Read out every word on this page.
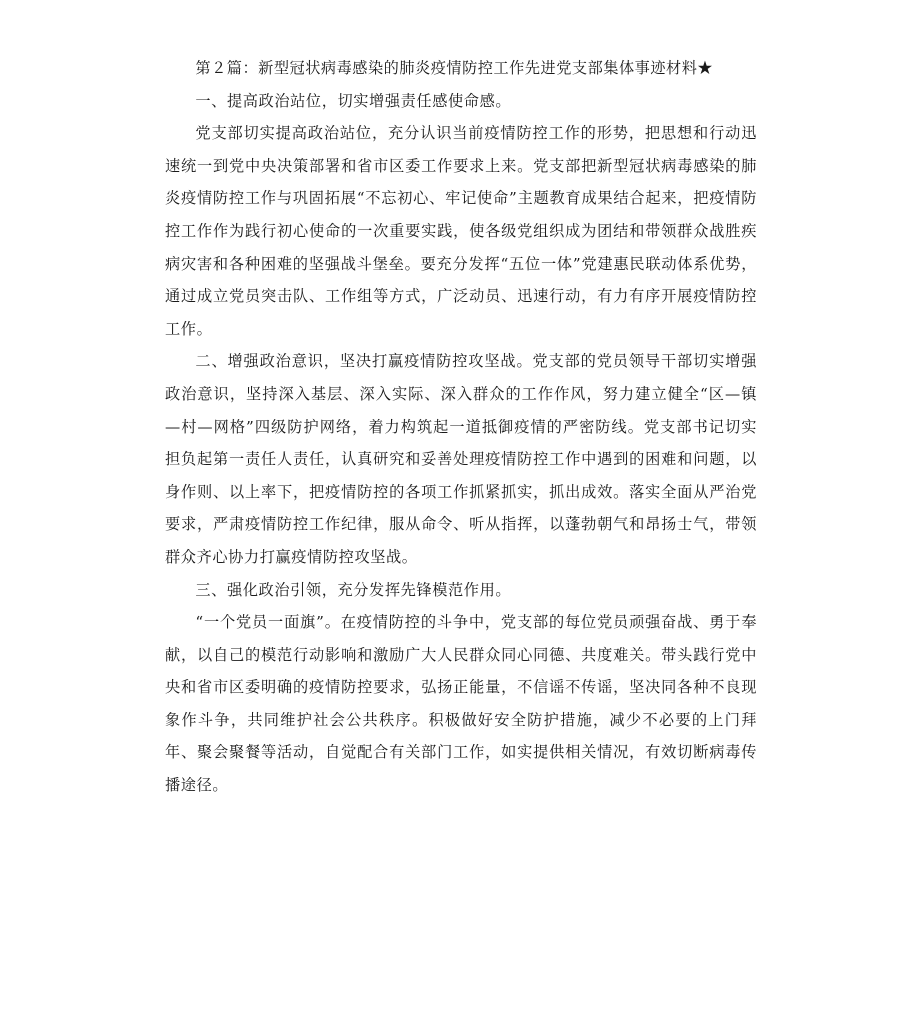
第２篇：新型冠状病毒感染的肺炎疫情防控工作先进党支部集体事迹材料★

一、提高政治站位，切实增强责任感使命感。

党支部切实提高政治站位，充分认识当前疫情防控工作的形势，把思想和行动迅速统一到党中央决策部署和省市区委工作要求上来。党支部把新型冠状病毒感染的肺炎疫情防控工作与巩固拓展“不忘初心、牢记使命”主题教育成果结合起来，把疫情防控工作作为践行初心使命的一次重要实践，使各级党组织成为团结和带领群众战胜疾病灾害和各种困难的坚强战斗堡垒。要充分发挥“五位一体”党建惠民联动体系优势，通过成立党员突击队、工作组等方式，广泛动员、迅速行动，有力有序开展疫情防控工作。

二、增强政治意识，坚决打赢疫情防控攻坚战。党支部的党员领导干部切实增强政治意识，坚持深入基层、深入实际、深入群众的工作作风，努力建立健全“区—镇—村—网格”四级防护网络，着力构筑起一道抵御疫情的严密防线。党支部书记切实担负起第一责任人责任，认真研究和妥善处理疫情防控工作中遇到的困难和问题，以身作则、以上率下，把疫情防控的各项工作抓紧抓实，抓出成效。落实全面从严治党要求，严肃疫情防控工作纪律，服从命令、听从指挥，以蓬勃朝气和昂扬士气，带领群众齐心协力打赢疫情防控攻坚战。

三、强化政治引领，充分发挥先锋模范作用。

“一个党员一面旗”。在疫情防控的斗争中，党支部的每位党员顽强奋战、勇于奉献，以自己的模范行动影响和激励广大人民群众同心同德、共度难关。带头践行党中央和省市区委明确的疫情防控要求，弘扬正能量，不信谣不传谣，坚决同各种不良现象作斗争，共同维护社会公共秩序。积极做好安全防护措施，减少不必要的上门拜年、聚会聚餐等活动，自觉配合有关部门工作，如实提供相关情况，有效切断病毒传播途径。
